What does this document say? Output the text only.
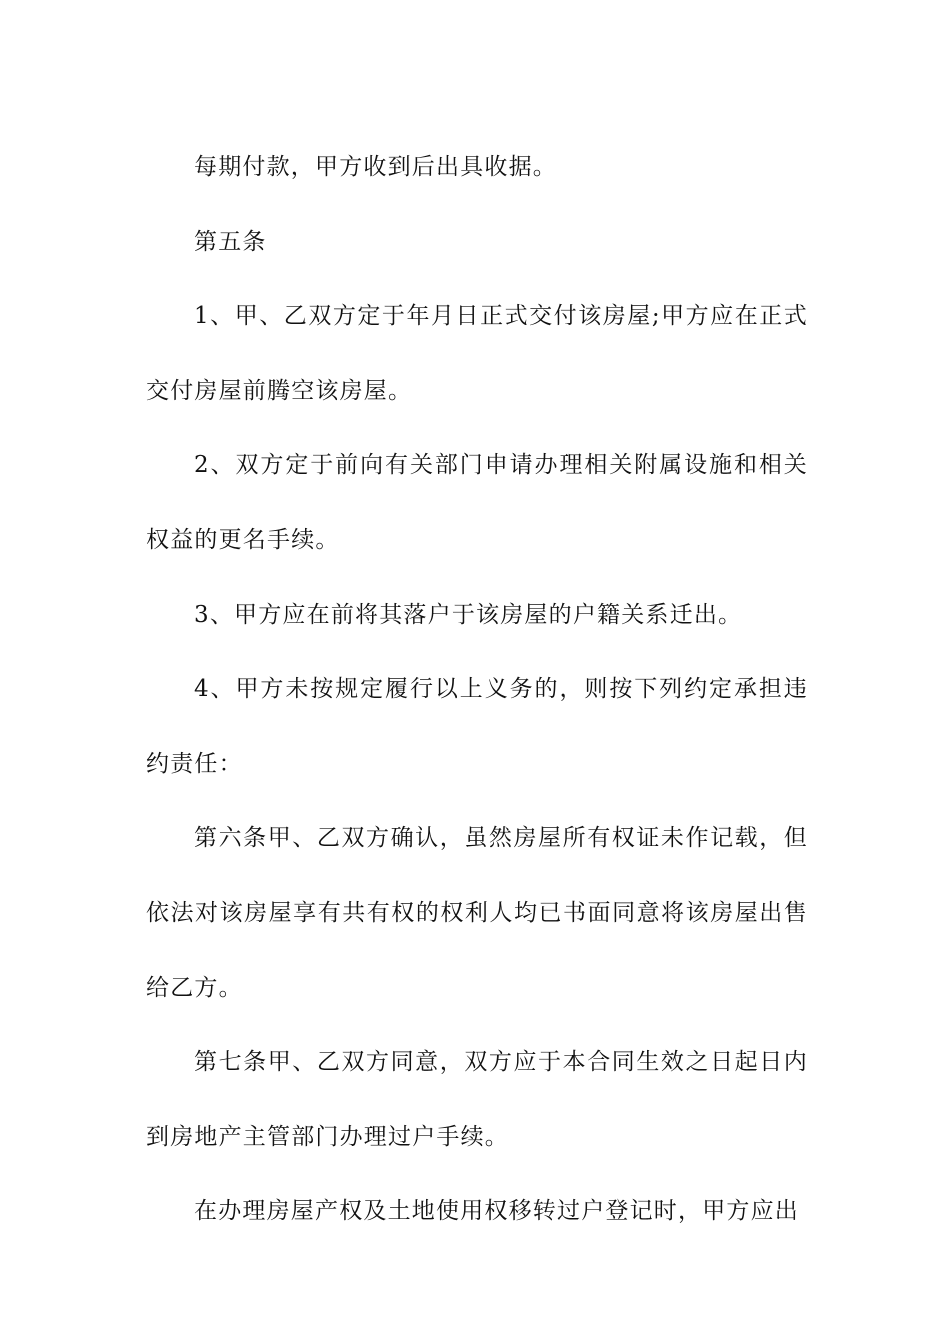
每期付款，甲方收到后出具收据。

第五条

1、甲、乙双方定于年月日正式交付该房屋;甲方应在正式交付房屋前腾空该房屋。

2、双方定于前向有关部门申请办理相关附属设施和相关权益的更名手续。

3、甲方应在前将其落户于该房屋的户籍关系迁出。

4、甲方未按规定履行以上义务的，则按下列约定承担违约责任：

第六条甲、乙双方确认，虽然房屋所有权证未作记载，但依法对该房屋享有共有权的权利人均已书面同意将该房屋出售给乙方。

第七条甲、乙双方同意，双方应于本合同生效之日起日内到房地产主管部门办理过户手续。

在办理房屋产权及土地使用权移转过户登记时，甲方应出
